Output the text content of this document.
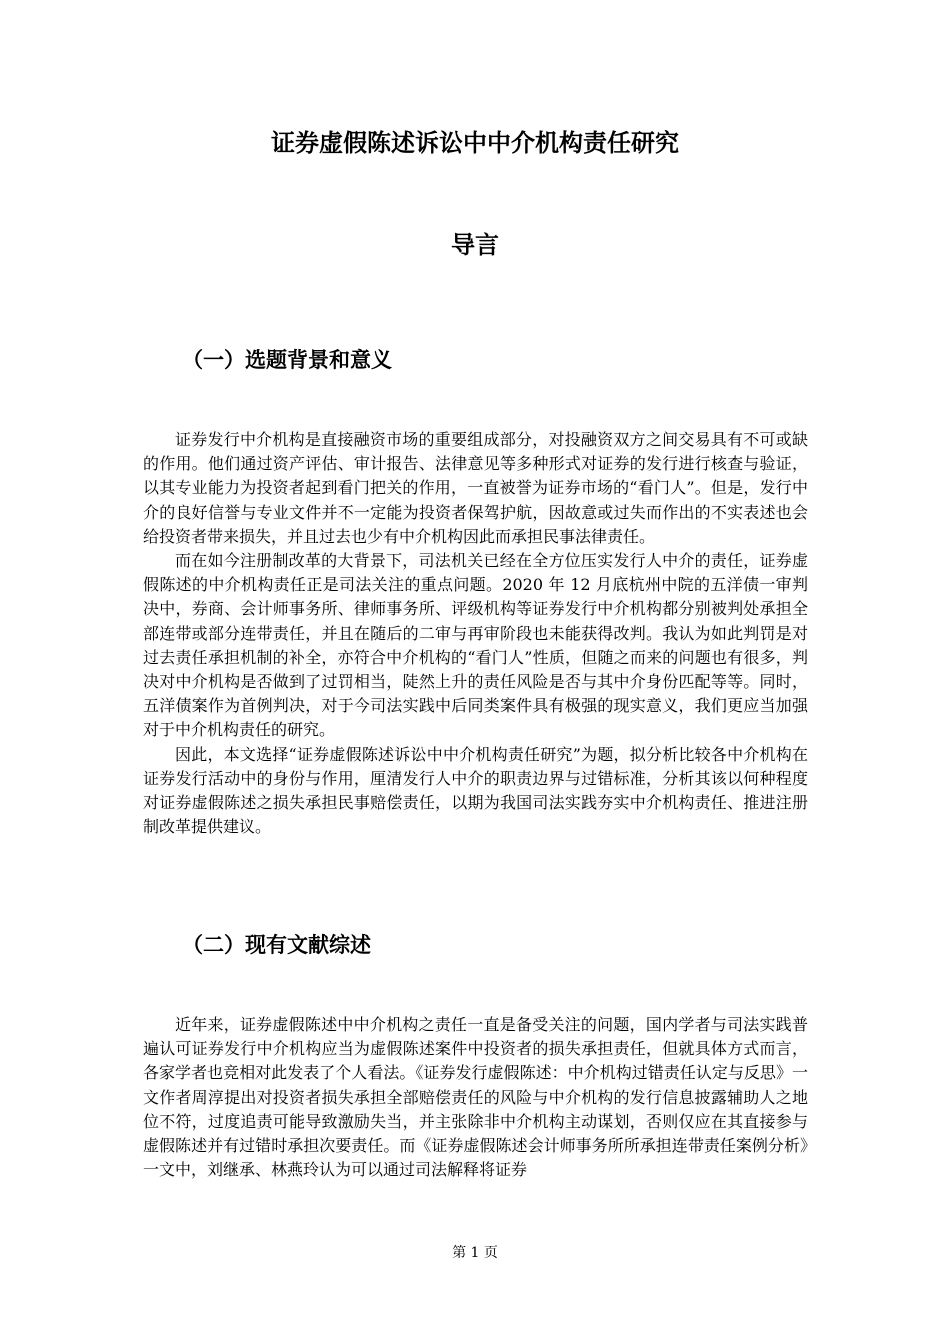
证券虚假陈述诉讼中中介机构责任研究
导言
（一）选题背景和意义

证券发行中介机构是直接融资市场的重要组成部分，对投融资双方之间交易具有不可或缺的作用。他们通过资产评估、审计报告、法律意见等多种形式对证券的发行进行核查与验证，以其专业能力为投资者起到看门把关的作用，一直被誉为证券市场的“看门人”。但是，发行中介的良好信誉与专业文件并不一定能为投资者保驾护航，因故意或过失而作出的不实表述也会给投资者带来损失，并且过去也少有中介机构因此而承担民事法律责任。

而在如今注册制改革的大背景下，司法机关已经在全方位压实发行人中介的责任，证券虚假陈述的中介机构责任正是司法关注的重点问题。2020 年 12 月底杭州中院的五洋债一审判决中，券商、会计师事务所、律师事务所、评级机构等证券发行中介机构都分别被判处承担全部连带或部分连带责任，并且在随后的二审与再审阶段也未能获得改判。我认为如此判罚是对过去责任承担机制的补全，亦符合中介机构的“看门人”性质，但随之而来的问题也有很多，判决对中介机构是否做到了过罚相当，陡然上升的责任风险是否与其中介身份匹配等等。同时，五洋债案作为首例判决，对于今司法实践中后同类案件具有极强的现实意义，我们更应当加强对于中介机构责任的研究。

因此，本文选择“证券虚假陈述诉讼中中介机构责任研究”为题，拟分析比较各中介机构在证券发行活动中的身份与作用，厘清发行人中介的职责边界与过错标准，分析其该以何种程度对证券虚假陈述之损失承担民事赔偿责任，以期为我国司法实践夯实中介机构责任、推进注册制改革提供建议。

（二）现有文献综述

近年来，证券虚假陈述中中介机构之责任一直是备受关注的问题，国内学者与司法实践普遍认可证券发行中介机构应当为虚假陈述案件中投资者的损失承担责任，但就具体方式而言，各家学者也竞相对此发表了个人看法。《证券发行虚假陈述：中介机构过错责任认定与反思》一文作者周淳提出对投资者损失承担全部赔偿责任的风险与中介机构的发行信息披露辅助人之地位不符，过度追责可能导致激励失当，并主张除非中介机构主动谋划，否则仅应在其直接参与虚假陈述并有过错时承担次要责任。而《证券虚假陈述会计师事务所所承担连带责任案例分析》一文中，刘继承、林燕玲认为可以通过司法解释将证券

第 1 页
